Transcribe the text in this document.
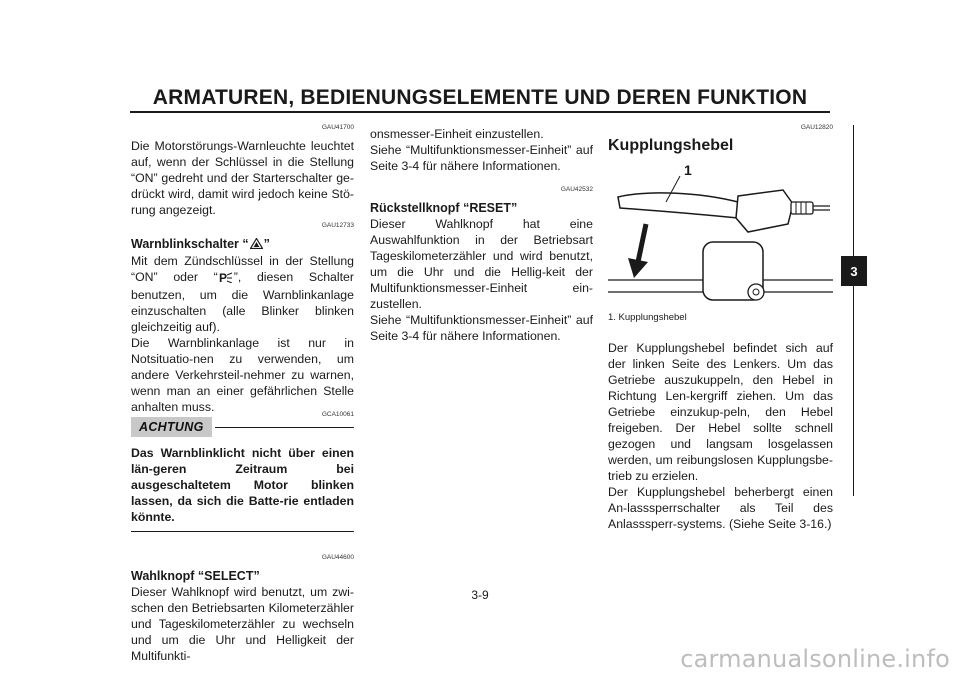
ARMATUREN, BEDIENUNGSELEMENTE UND DEREN FUNKTION
GAU41700

Die Motorstörungs-Warnleuchte leuchtet auf, wenn der Schlüssel in die Stellung “ON” gedreht und der Starterschalter ge-drückt wird, damit wird jedoch keine Stö-rung angezeigt.

GAU12733

Warnblinkschalter “ ”

Mit dem Zündschlüssel in der Stellung “ON” oder “ P ”, diesen Schalter benutzen, um die Warnblinkanlage einzuschalten (alle Blinker blinken gleichzeitig auf).

Die Warnblinkanlage ist nur in Notsituatio-nen zu verwenden, um andere Verkehrsteil-nehmer zu warnen, wenn man an einer gefährlichen Stelle anhalten muss.

ACHTUNG
GCA10061

Das Warnblinklicht nicht über einen län-geren Zeitraum bei ausgeschaltetem Motor blinken lassen, da sich die Batte-rie entladen könnte.

GAU44600

Wahlknopf “SELECT”

Dieser Wahlknopf wird benutzt, um zwi-schen den Betriebsarten Kilometerzähler und Tageskilometerzähler zu wechseln und um die Uhr und Helligkeit der Multifunkti-

onsmesser-Einheit einzustellen.

Siehe “Multifunktionsmesser-Einheit” auf Seite 3-4 für nähere Informationen.

GAU42532

Rückstellknopf “RESET”

Dieser Wahlknopf hat eine Auswahlfunktion in der Betriebsart Tageskilometerzähler und wird benutzt, um die Uhr und die Hellig-keit der Multifunktionsmesser-Einheit ein-zustellen.

Siehe “Multifunktionsmesser-Einheit” auf Seite 3-4 für nähere Informationen.

GAU12820

Kupplungshebel

1

1. Kupplungshebel

Der Kupplungshebel befindet sich auf der linken Seite des Lenkers. Um das Getriebe auszukuppeln, den Hebel in Richtung Len-kergriff ziehen. Um das Getriebe einzukup-peln, den Hebel freigeben. Der Hebel sollte schnell gezogen und langsam losgelassen werden, um reibungslosen Kupplungsbe-trieb zu erzielen.

Der Kupplungshebel beherbergt einen An-lasssperrschalter als Teil des Anlasssperr-systems. (Siehe Seite 3-16.)

3
3-9
carmanualsonline.info
